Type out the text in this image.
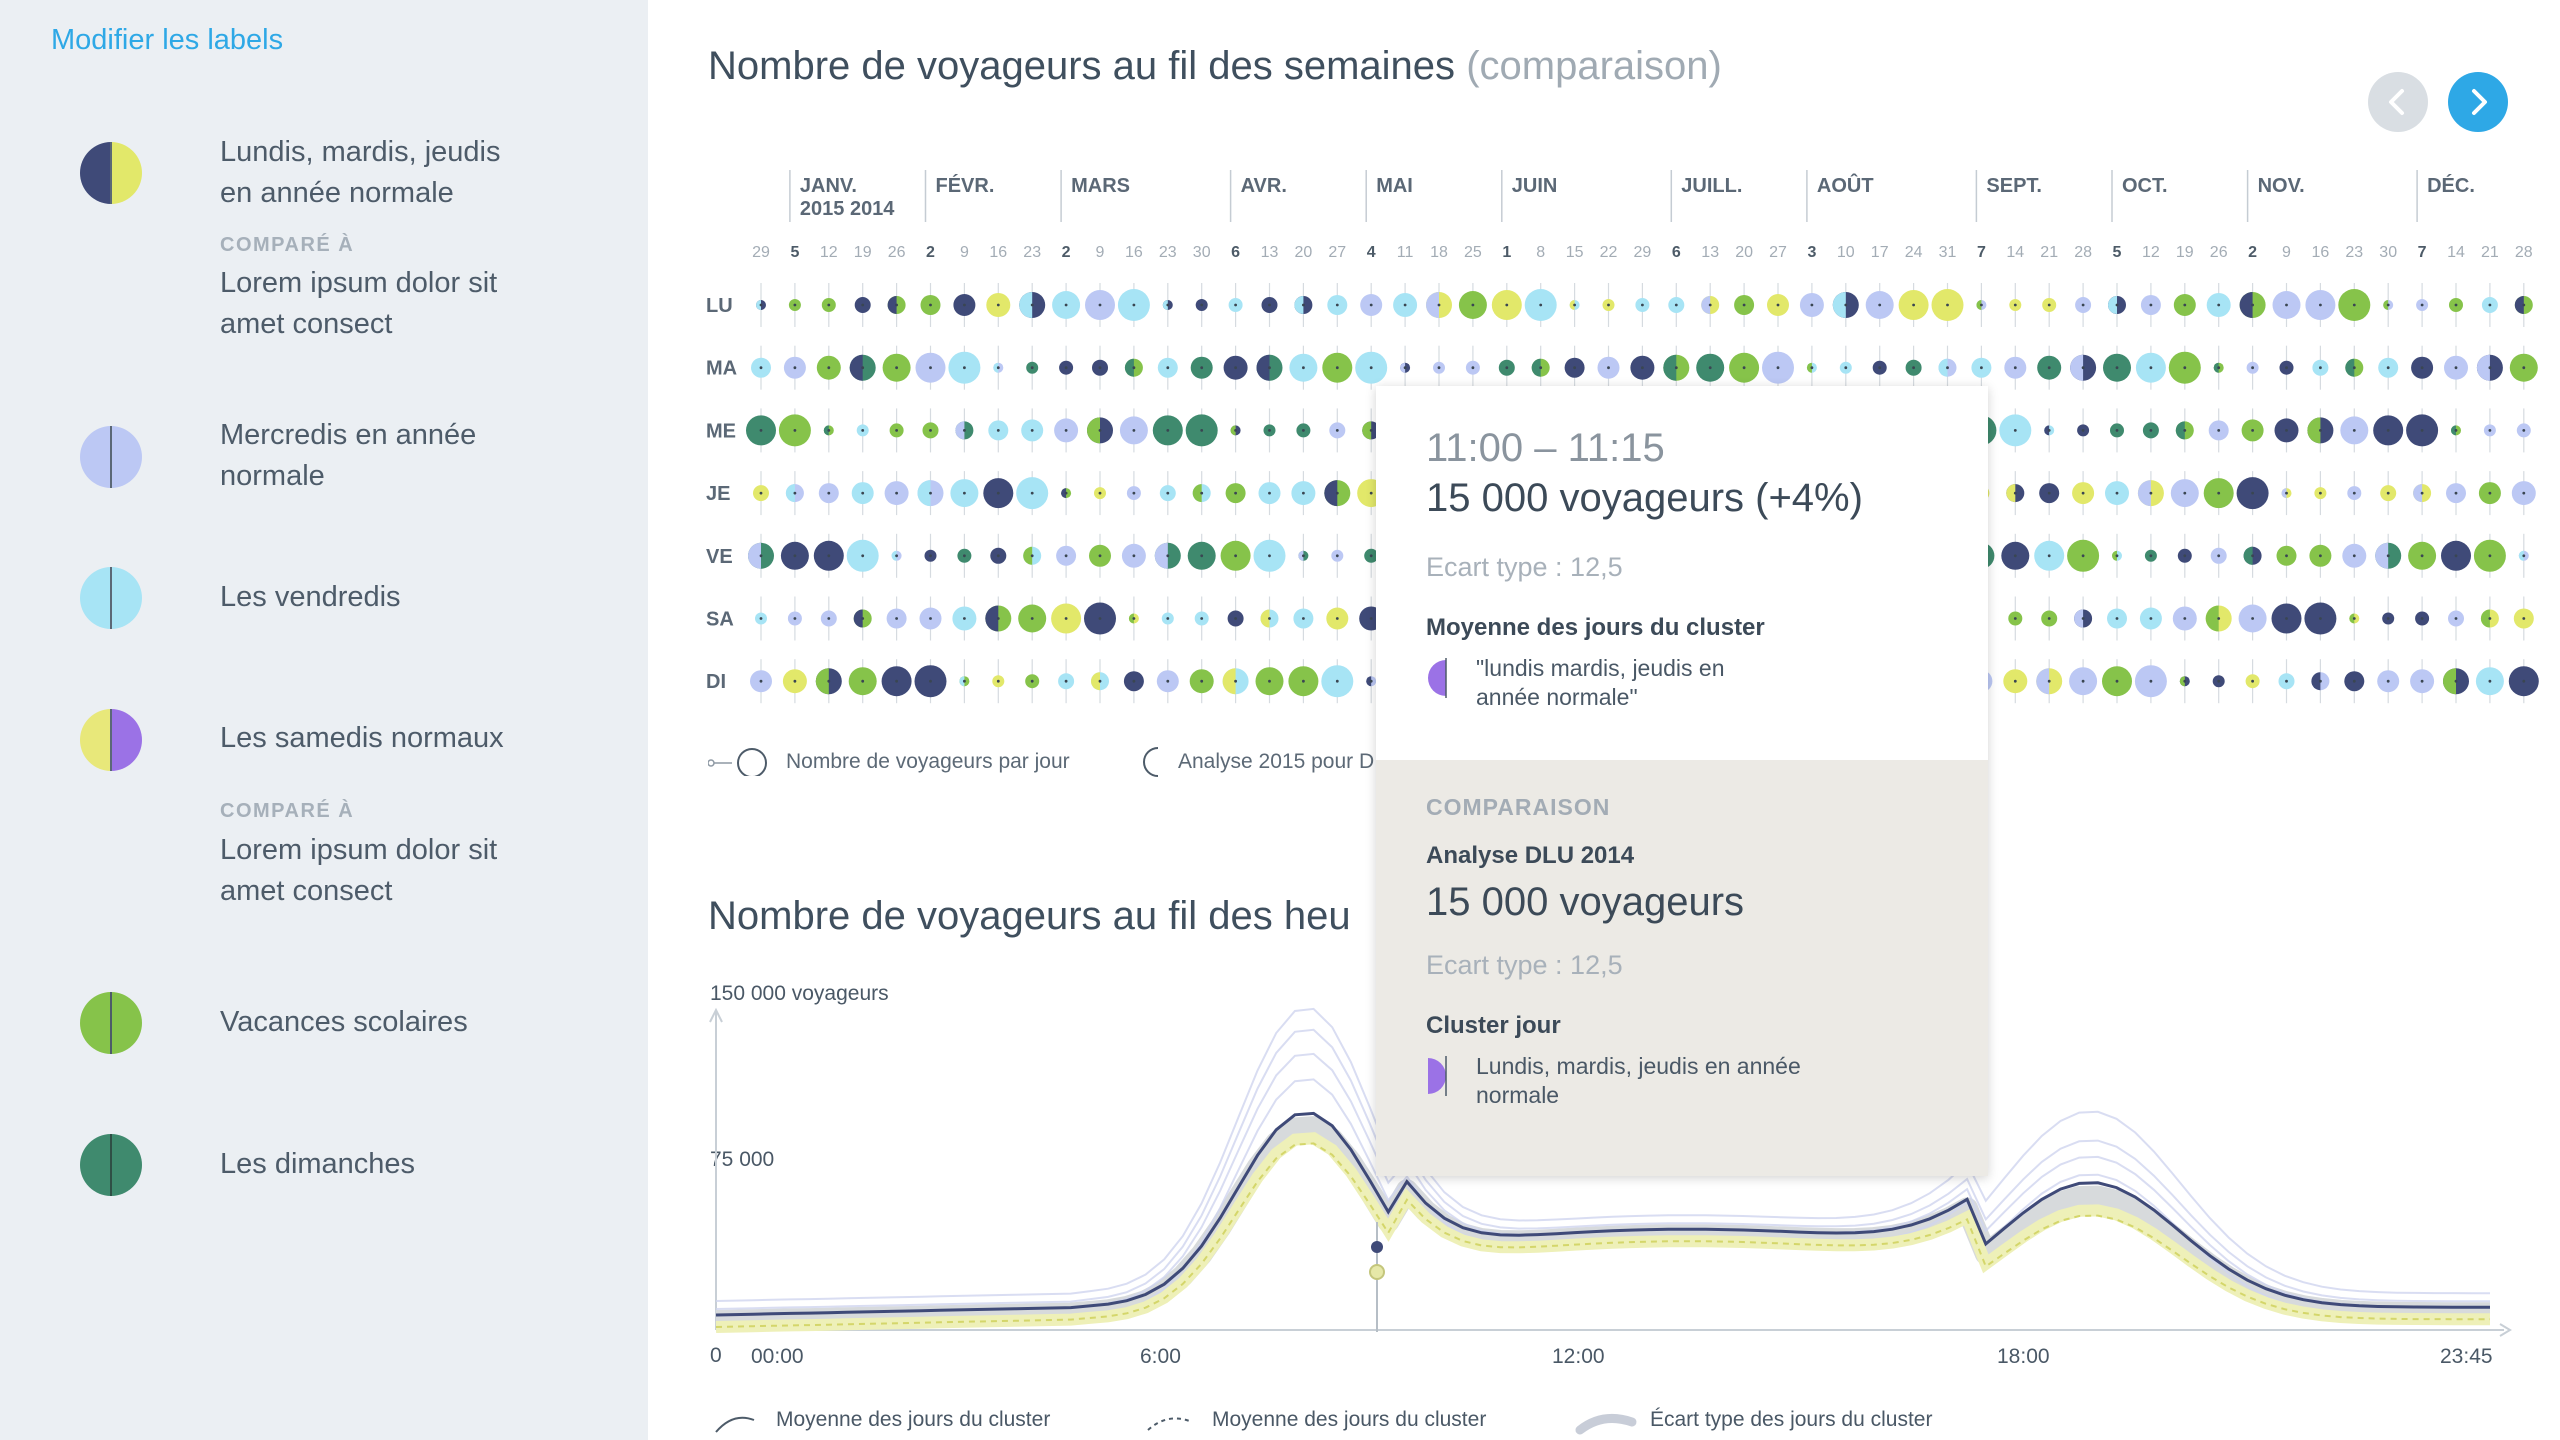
Modifier les labels
Lundis, mardis, jeudis
en année normale
COMPARÉ À
Lorem ipsum dolor sit
amet consect
Mercredis en année
normale
Les vendredis
Les samedis normaux
COMPARÉ À
Lorem ipsum dolor sit
amet consect
Vacances scolaires
Les dimanches
Nombre de voyageurs au fil des semaines (comparaison)
JANV.	FÉVR.	MARS	AVR.	MAI	JUIN	JUILL.	AOÛT	SEPT.	OCT.	NOV.	DÉC.
2015 2014
29 5 12 19 26 2 9 16 23 2 9 16 23 30 6 13 20 27 4 11 18 25 1 8 15 22 29 6 13 20 27 3 10 17 24 31 7 14 21 28 5 12 19 26 2 9 16 23 30 7 14 21 28
LU
MA
ME
JE
VE
SA
DI
Nombre de voyageurs par jour	Analyse 2015 pour D
Nombre de voyageurs au fil des heu
150 000 voyageurs
75 000
0 00:00	6:00	12:00	18:00	23:45
Moyenne des jours du cluster	Moyenne des jours du cluster	Écart type des jours du cluster
11:00 – 11:15
15 000 voyageurs (+4%)
Ecart type : 12,5
Moyenne des jours du cluster
"lundis mardis, jeudis en
année normale"
COMPARAISON
Analyse DLU 2014
15 000 voyageurs
Ecart type : 12,5
Cluster jour
Lundis, mardis, jeudis en année
normale
